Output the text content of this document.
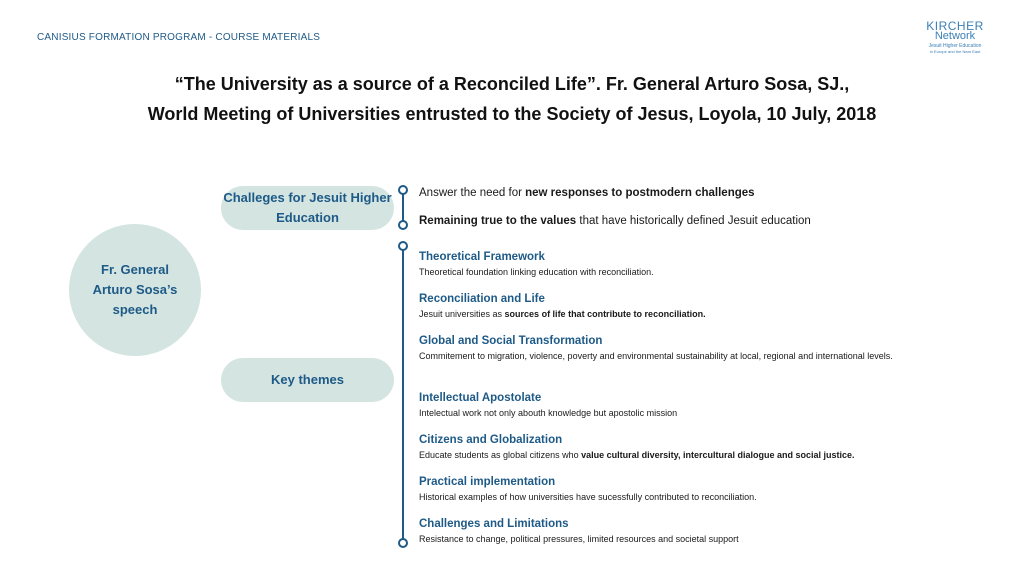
CANISIUS FORMATION PROGRAM - COURSE MATERIALS
KIRCHER
Network
Jesuit Higher Education
in Europe and the Near East
“The University as a source of a Reconciled Life”. Fr. General Arturo Sosa, SJ.,
World Meeting of Universities entrusted to the Society of Jesus, Loyola, 10 July, 2018
Fr. General Arturo Sosa’s speech
Challeges for Jesuit Higher Education
Key themes
Answer the need for new responses to postmodern challenges
Remaining true to the values that have historically defined Jesuit education
Theoretical Framework
Theoretical foundation linking education with reconciliation.
Reconciliation and Life
Jesuit universities as sources of life that contribute to reconciliation.
Global and Social Transformation
Commitement to migration, violence, poverty and environmental sustainability at local, regional and international levels.
Intellectual Apostolate
Intelectual work not only abouth knowledge but apostolic mission
Citizens and Globalization
Educate students as global citizens who value cultural diversity, intercultural dialogue and social justice.
Practical implementation
Historical examples of how universities have sucessfully contributed to reconciliation.
Challenges and Limitations
Resistance to change, political pressures, limited resources and societal support
